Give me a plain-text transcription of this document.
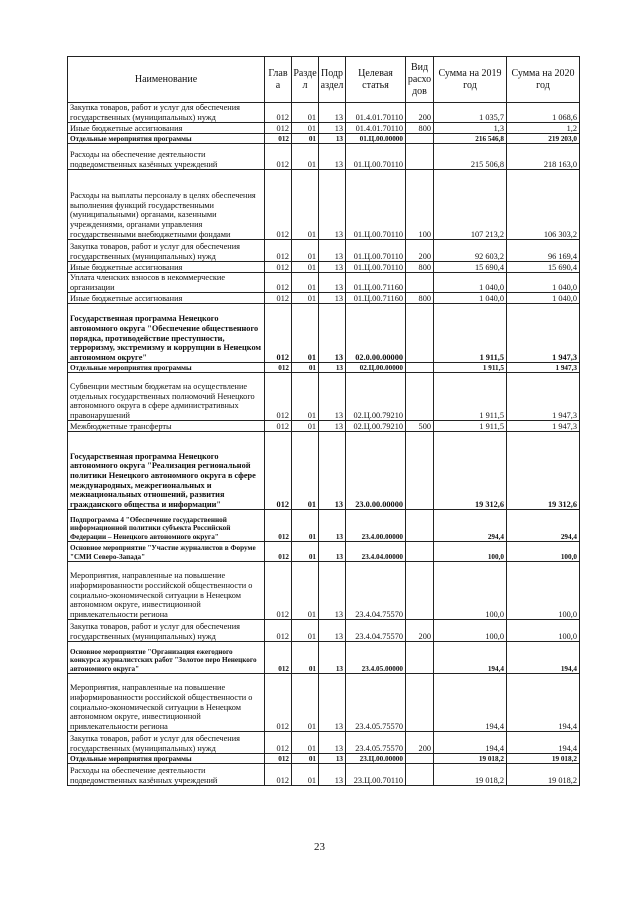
Наименование	Глав а	Разде л	Подр аздел	Целевая статья	Вид расхо дов	Сумма на 2019 год	Сумма на 2020 год
Закупка товаров, работ и услуг для обеспечения государственных (муниципальных) нужд	012	01	13	01.4.01.70110	200	1 035,7	1 068,6
Иные бюджетные ассигнования	012	01	13	01.4.01.70110	800	1,3	1,2
Отдельные мероприятия программы	012	01	13	01.Ц.00.00000		216 546,8	219 203,0
Расходы на обеспечение деятельности подведомственных казённых учреждений	012	01	13	01.Ц.00.70110		215 506,8	218 163,0
Расходы на выплаты персоналу в целях обеспечения выполнения функций государственными (муниципальными) органами, казенными учреждениями, органами управления государственными внебюджетными фондами	012	01	13	01.Ц.00.70110	100	107 213,2	106 303,2
Закупка товаров, работ и услуг для обеспечения государственных (муниципальных) нужд	012	01	13	01.Ц.00.70110	200	92 603,2	96 169,4
Иные бюджетные ассигнования	012	01	13	01.Ц.00.70110	800	15 690,4	15 690,4
Уплата членских взносов в некоммерческие организации	012	01	13	01.Ц.00.71160		1 040,0	1 040,0
Иные бюджетные ассигнования	012	01	13	01.Ц.00.71160	800	1 040,0	1 040,0
Государственная программа Ненецкого автономного округа "Обеспечение общественного порядка, противодействие преступности, терроризму, экстремизму и коррупции в Ненецком автономном округе"	012	01	13	02.0.00.00000		1 911,5	1 947,3
Отдельные мероприятия программы	012	01	13	02.Ц.00.00000		1 911,5	1 947,3
Субвенции местным бюджетам на осуществление отдельных государственных полномочий Ненецкого автономного округа в сфере административных правонарушений	012	01	13	02.Ц.00.79210		1 911,5	1 947,3
Межбюджетные трансферты	012	01	13	02.Ц.00.79210	500	1 911,5	1 947,3
Государственная программа Ненецкого автономного округа "Реализация региональной политики Ненецкого автономного округа в сфере международных, межрегиональных и межнациональных отношений, развития гражданского общества и информации"	012	01	13	23.0.00.00000		19 312,6	19 312,6
Подпрограмма 4 "Обеспечение государственной информационной политики субъекта Российской Федерации – Ненецкого автономного округа"	012	01	13	23.4.00.00000		294,4	294,4
Основное мероприятие "Участие журналистов в Форуме "СМИ Северо-Запада"	012	01	13	23.4.04.00000		100,0	100,0
Мероприятия, направленные на повышение информированности российской общественности о социально-экономической ситуации в Ненецком автономном округе, инвестиционной привлекательности региона	012	01	13	23.4.04.75570		100,0	100,0
Закупка товаров, работ и услуг для обеспечения государственных (муниципальных) нужд	012	01	13	23.4.04.75570	200	100,0	100,0
Основное мероприятие "Организация ежегодного конкурса журналистских работ "Золотое перо Ненецкого автономного округа"	012	01	13	23.4.05.00000		194,4	194,4
Мероприятия, направленные на повышение информированности российской общественности о социально-экономической ситуации в Ненецком автономном округе, инвестиционной привлекательности региона	012	01	13	23.4.05.75570		194,4	194,4
Закупка товаров, работ и услуг для обеспечения государственных (муниципальных) нужд	012	01	13	23.4.05.75570	200	194,4	194,4
Отдельные мероприятия программы	012	01	13	23.Ц.00.00000		19 018,2	19 018,2
Расходы на обеспечение деятельности подведомственных казённых учреждений	012	01	13	23.Ц.00.70110		19 018,2	19 018,2
23
